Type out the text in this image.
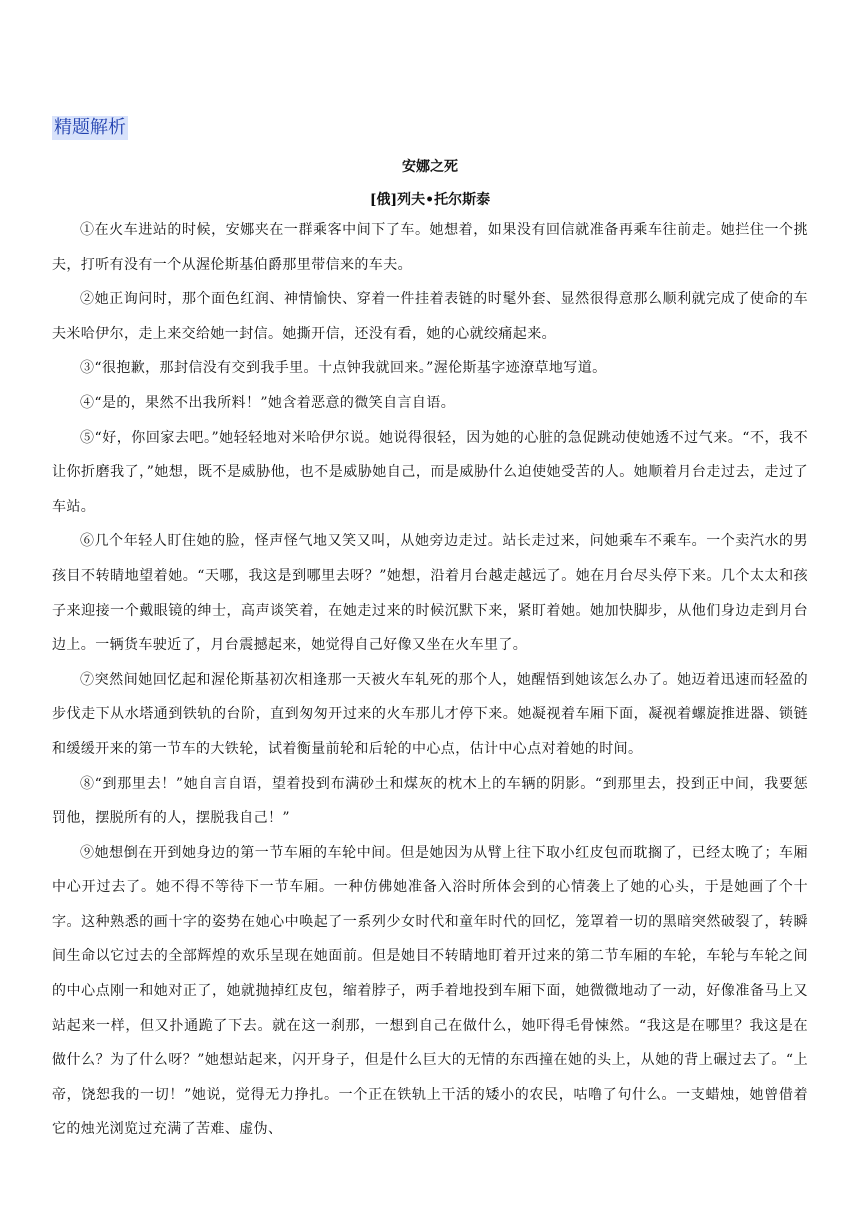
精题解析
安娜之死
[俄]列夫•托尔斯泰

①在火车进站的时候，安娜夹在一群乘客中间下了车。她想着，如果没有回信就准备再乘车往前走。她拦住一个挑夫，打听有没有一个从渥伦斯基伯爵那里带信来的车夫。

②她正询问时，那个面色红润、神情愉快、穿着一件挂着表链的时髦外套、显然很得意那么顺利就完成了使命的车夫米哈伊尔，走上来交给她一封信。她撕开信，还没有看，她的心就绞痛起来。

③“很抱歉，那封信没有交到我手里。十点钟我就回来。”渥伦斯基字迹潦草地写道。

④“是的，果然不出我所料！”她含着恶意的微笑自言自语。

⑤“好，你回家去吧。”她轻轻地对米哈伊尔说。她说得很轻，因为她的心脏的急促跳动使她透不过气来。“不，我不让你折磨我了，”她想，既不是威胁他，也不是威胁她自己，而是威胁什么迫使她受苦的人。她顺着月台走过去，走过了车站。

⑥几个年轻人盯住她的脸，怪声怪气地又笑又叫，从她旁边走过。站长走过来，问她乘车不乘车。一个卖汽水的男孩目不转睛地望着她。“天哪，我这是到哪里去呀？”她想，沿着月台越走越远了。她在月台尽头停下来。几个太太和孩子来迎接一个戴眼镜的绅士，高声谈笑着，在她走过来的时候沉默下来，紧盯着她。她加快脚步，从他们身边走到月台边上。一辆货车驶近了，月台震撼起来，她觉得自己好像又坐在火车里了。

⑦突然间她回忆起和渥伦斯基初次相逢那一天被火车轧死的那个人，她醒悟到她该怎么办了。她迈着迅速而轻盈的步伐走下从水塔通到铁轨的台阶，直到匆匆开过来的火车那儿才停下来。她凝视着车厢下面，凝视着螺旋推进器、锁链和缓缓开来的第一节车的大铁轮，试着衡量前轮和后轮的中心点，估计中心点对着她的时间。

⑧“到那里去！”她自言自语，望着投到布满砂土和煤灰的枕木上的车辆的阴影。“到那里去，投到正中间，我要惩罚他，摆脱所有的人，摆脱我自己！”

⑨她想倒在开到她身边的第一节车厢的车轮中间。但是她因为从臂上往下取小红皮包而耽搁了，已经太晚了；车厢中心开过去了。她不得不等待下一节车厢。一种仿佛她准备入浴时所体会到的心情袭上了她的心头，于是她画了个十字。这种熟悉的画十字的姿势在她心中唤起了一系列少女时代和童年时代的回忆，笼罩着一切的黑暗突然破裂了，转瞬间生命以它过去的全部辉煌的欢乐呈现在她面前。但是她目不转睛地盯着开过来的第二节车厢的车轮，车轮与车轮之间的中心点刚一和她对正了，她就抛掉红皮包，缩着脖子，两手着地投到车厢下面，她微微地动了一动，好像准备马上又站起来一样，但又扑通跪了下去。就在这一刹那，一想到自己在做什么，她吓得毛骨悚然。“我这是在哪里？我这是在做什么？为了什么呀？”她想站起来，闪开身子，但是什么巨大的无情的东西撞在她的头上，从她的背上碾过去了。“上帝，饶恕我的一切！”她说，觉得无力挣扎。一个正在铁轨上干活的矮小的农民，咕噜了句什么。一支蜡烛，她曾借着它的烛光浏览过充满了苦难、虚伪、
